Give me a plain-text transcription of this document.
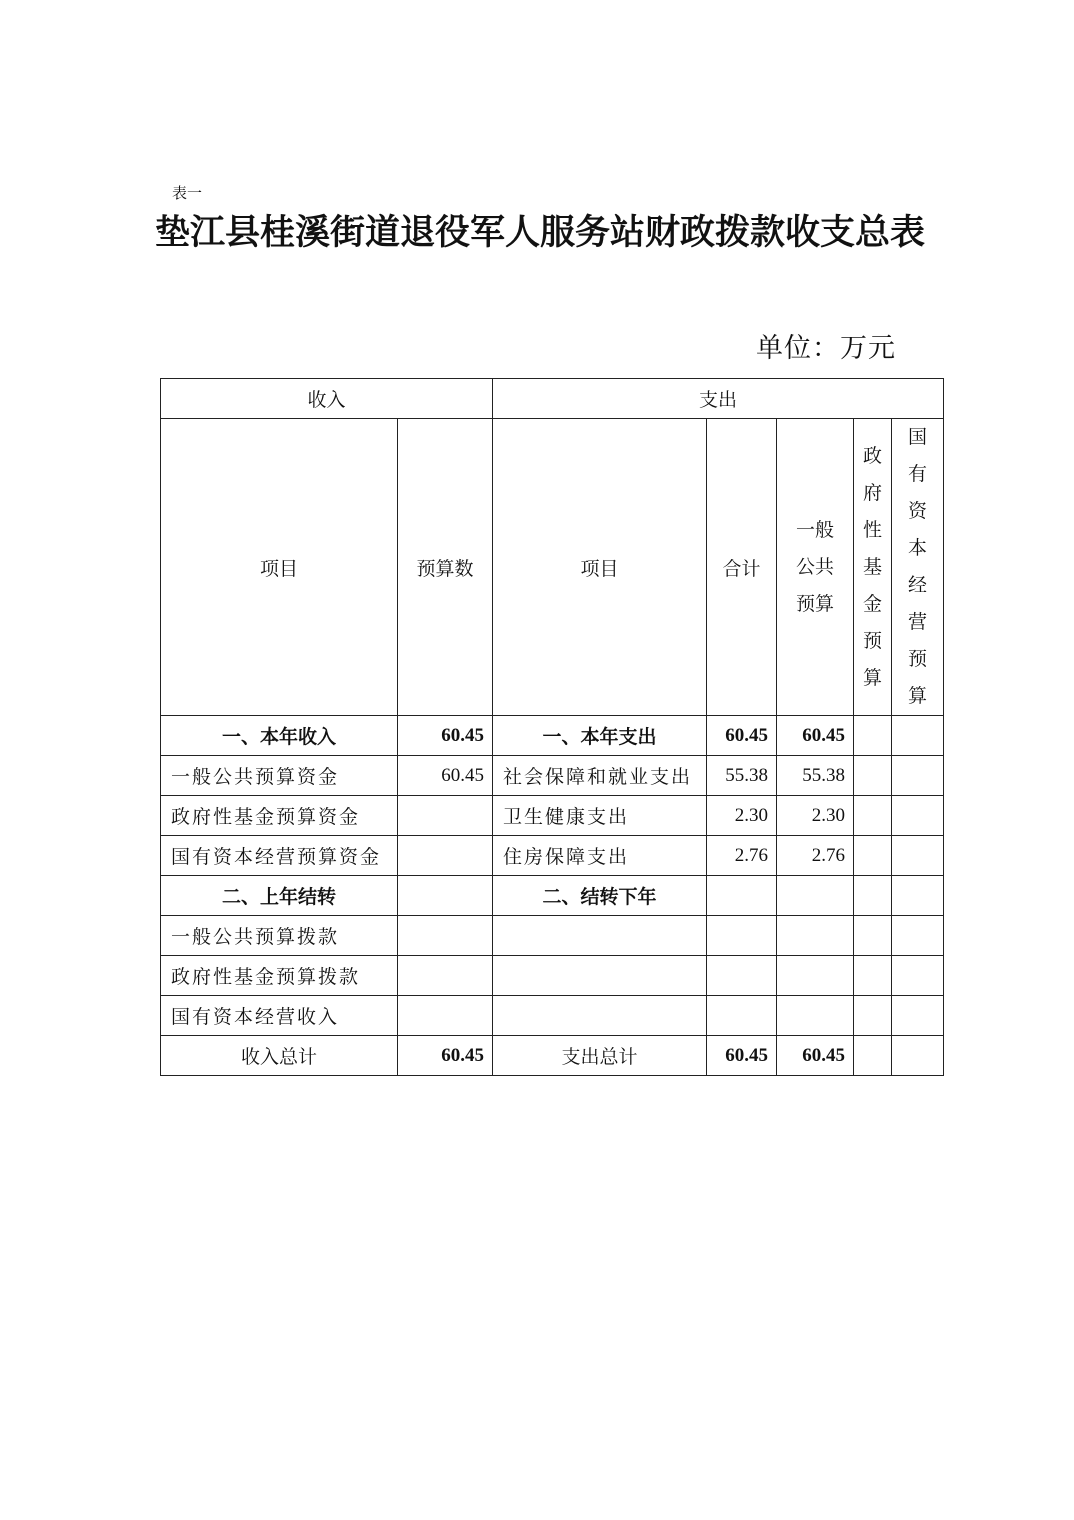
表一
垫江县桂溪街道退役军人服务站财政拨款收支总表
单位：万元
收入		支出				
项目	预算数	项目	合计	一般公共预算	政府性基金预算	国有资本经营预算

一、本年收入	60.45	一、本年支出	60.45	60.45		
一般公共预算资金	60.45	社会保障和就业支出	55.38	55.38		
政府性基金预算资金		卫生健康支出	2.30	2.30		
国有资本经营预算资金		住房保障支出	2.76	2.76		
二、上年结转		二、结转下年				
一般公共预算拨款						
政府性基金预算拨款						
国有资本经营收入						
收入总计	60.45	支出总计	60.45	60.45		
